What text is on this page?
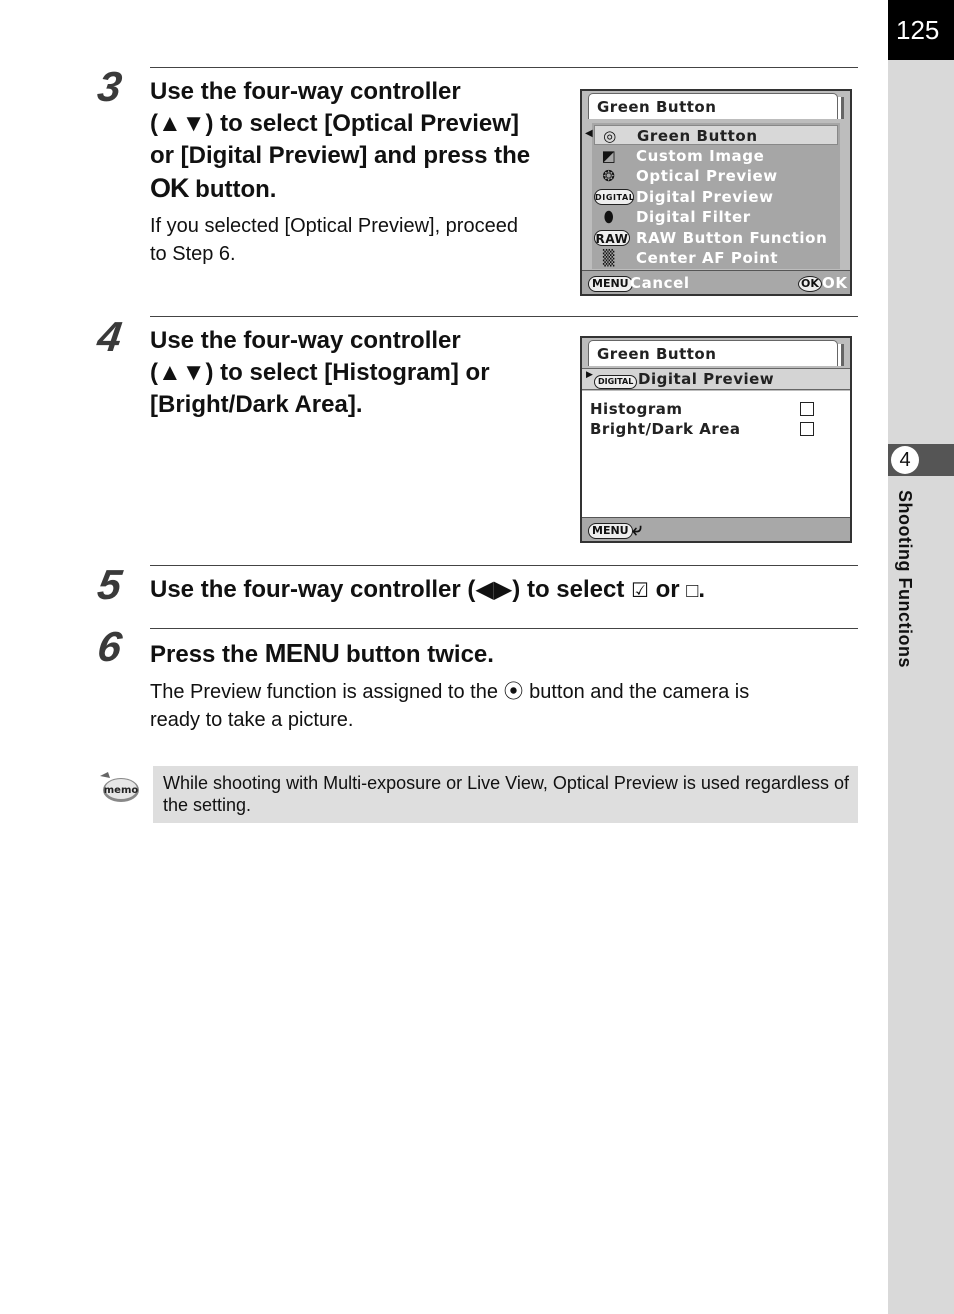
125
4
Shooting Functions
3 Use the four-way controller
(▲▼) to select [Optical Preview]
or [Digital Preview] and press the
OK button.
If you selected [Optical Preview], proceed
to Step 6.
Green Button
◀
MENU Cancel	OK OK
◎ Green Button
◩ Custom Image
❂ Optical Preview
DIGITAL Digital Preview
⬮	Digital Filter
RAW RAW Button Function
▒	Center AF Point
4 Use the four-way controller
(▲▼) to select [Histogram] or
[Bright/Dark Area].
Green Button
▶
DIGITAL Digital Preview
MENU ⤶
Histogram
Bright/Dark Area
5 Use the four-way controller (◀▶) to select ☑ or □.
6 Press the MENU button twice.
The Preview function is assigned to the ⦿ button and the camera is
ready to take a picture.
memo While shooting with Multi-exposure or Live View, Optical Preview is used regardless of the setting.
